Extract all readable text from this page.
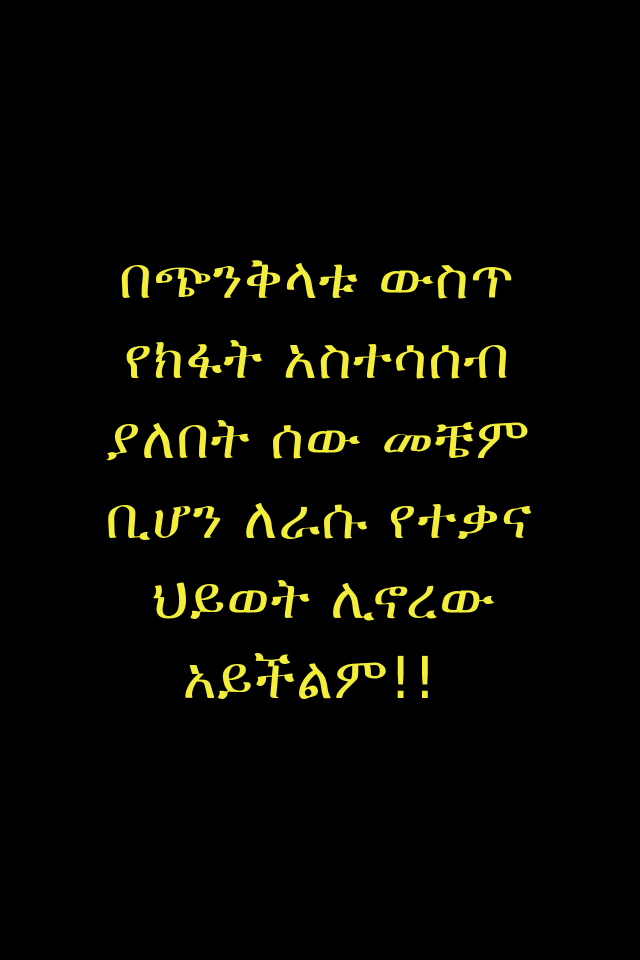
በጭንቅላቱ ውስጥ
የክፋት አስተሳሰብ
ያለበት ሰው መቼም
ቢሆን ለራሱ የተቃና
ህይወት ሊኖረው
አይችልም!!
